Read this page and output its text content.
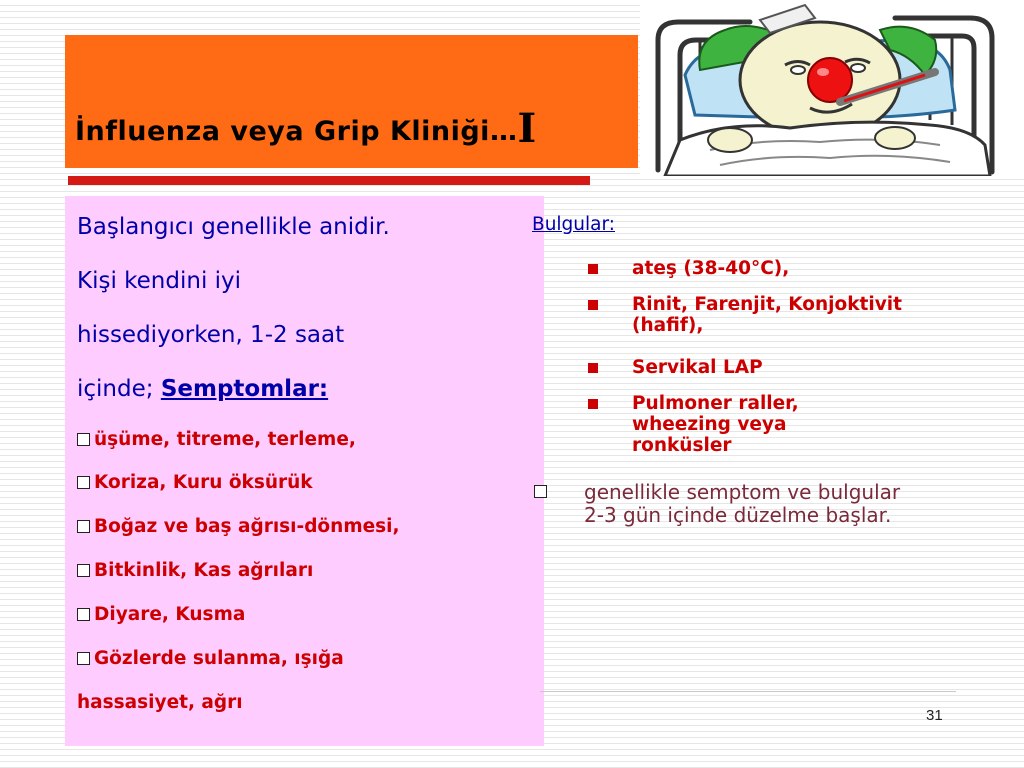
İnfluenza veya Grip Kliniği…I
Başlangıcı genellikle anidir.
Kişi kendini iyi
hissediyorken, 1-2 saat
içinde; Semptomlar:
üşüme, titreme, terleme,
Koriza, Kuru öksürük
Boğaz ve baş ağrısı-dönmesi,
Bitkinlik, Kas ağrıları
Diyare, Kusma
Gözlerde sulanma, ışığa
hassasiyet, ağrı
Bulgular:
ateş (38-40°C),
Rinit, Farenjit, Konjoktivit (hafif),
Servikal LAP
Pulmoner raller, wheezing veya ronküsler
genellikle semptom ve bulgular 2-3 gün içinde düzelme başlar.
31
